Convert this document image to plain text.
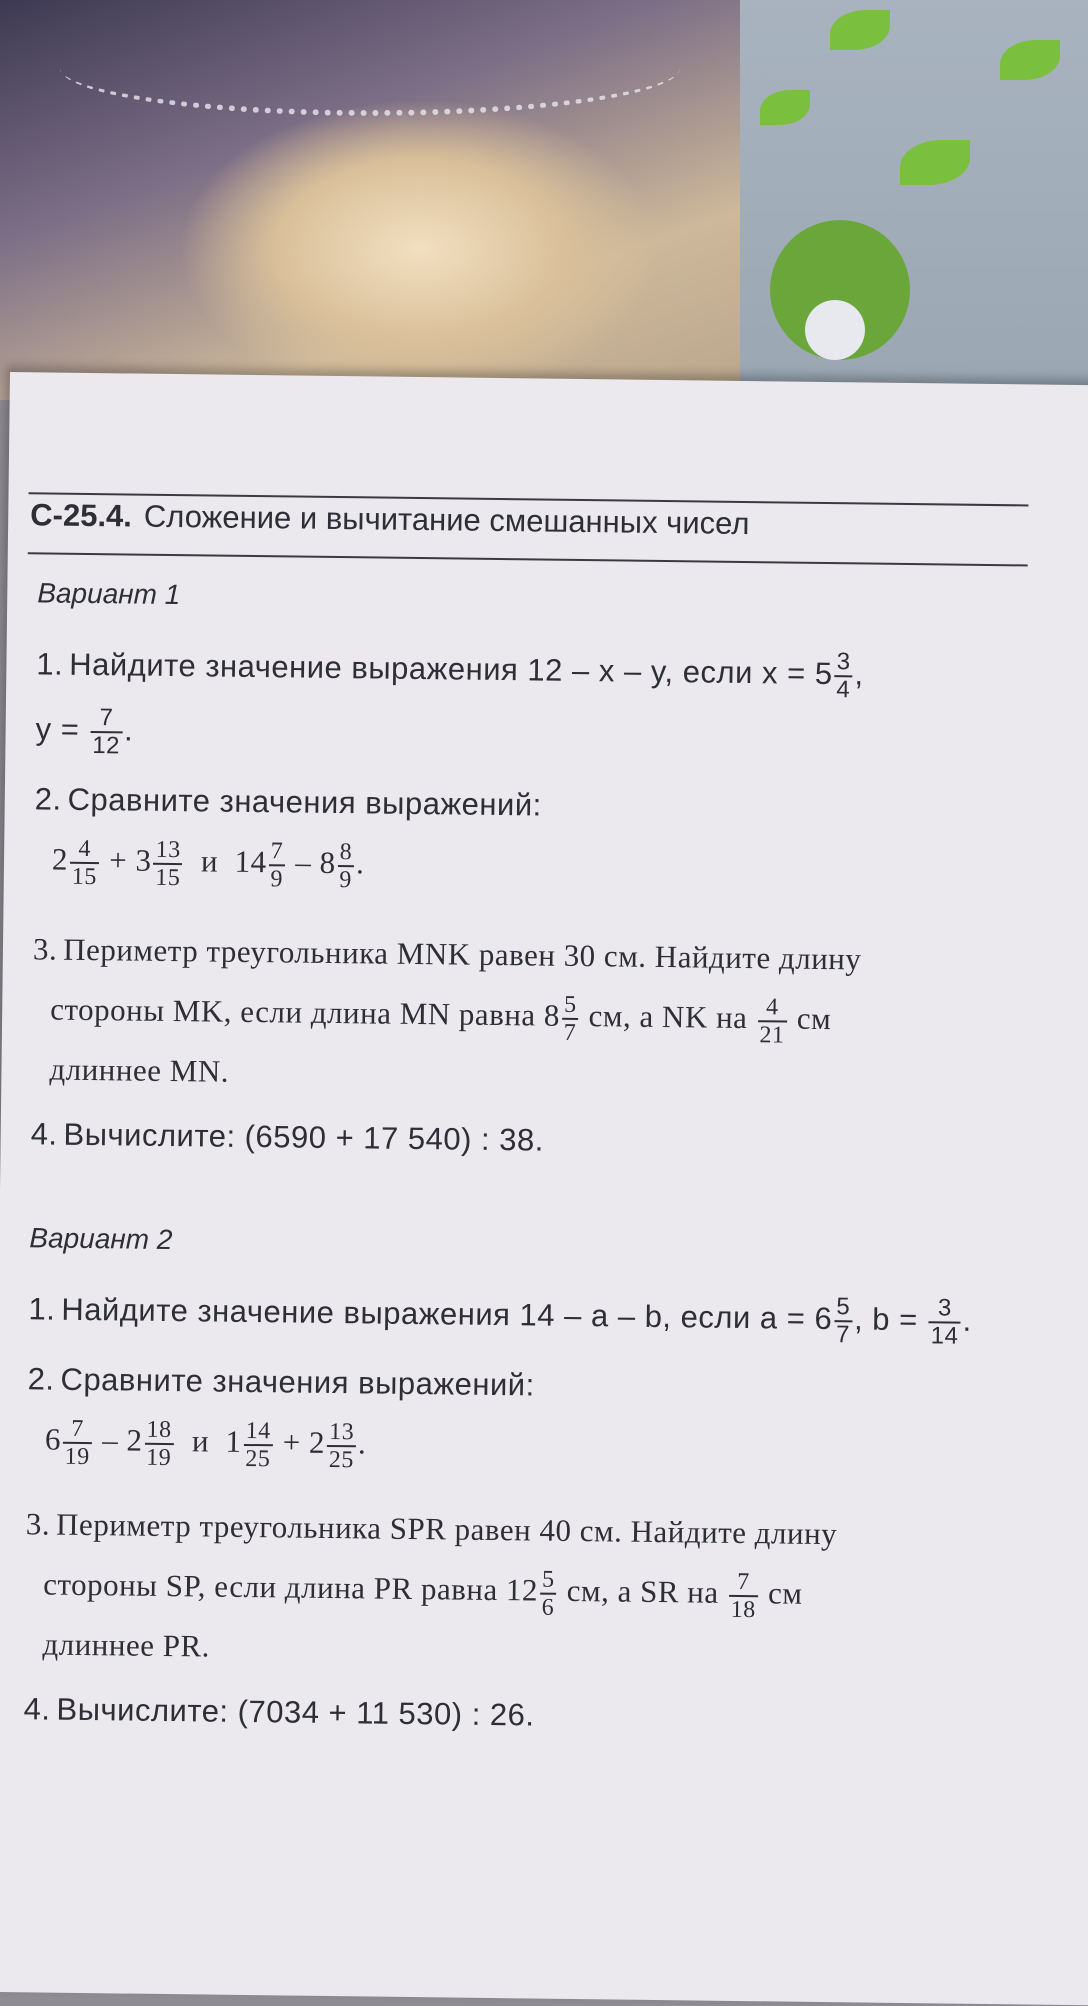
С-25.4. Сложение и вычитание смешанных чисел
Вариант 1
1. Найдите значение выражения 12 – x – y, если $x = 5 \frac{3}{4}$ ,
$y = \frac{7}{12}$ .
2. Сравните значения выражений:
$2 \frac{4}{15} + 3 \frac{13}{15}$ и $14 \frac{7}{9} - 8 \frac{8}{9}$ .
3. Периметр треугольника MNK равен 30 см. Найдите длину
стороны MK, если длина MN равна $8 \frac{5}{7}$ см, а NK на $\frac{4}{21}$ см
длиннее MN.
4. Вычислите: (6590 + 17 540) : 38.
Вариант 2
1. Найдите значение выражения 14 – a – b, если $a = 6 \frac{5}{7}$ , $b = \frac{3}{14}$ .
2. Сравните значения выражений:
$6 \frac{7}{19} - 2 \frac{18}{19}$ и $1 \frac{14}{25} + 2 \frac{13}{25}$ .
3. Периметр треугольника SPR равен 40 см. Найдите длину
стороны SP, если длина PR равна $12 \frac{5}{6}$ см, а SR на $\frac{7}{18}$ см
длиннее PR.
4. Вычислите: (7034 + 11 530) : 26.
